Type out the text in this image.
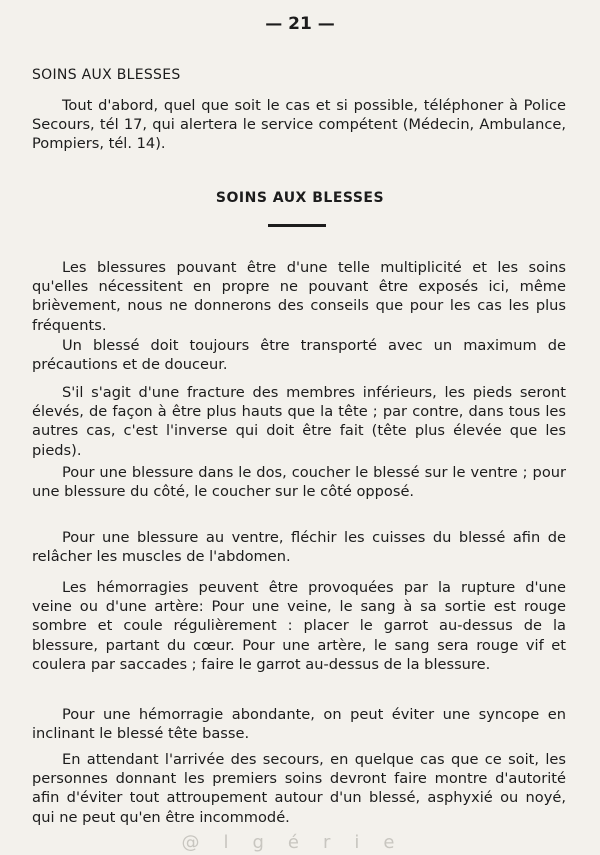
— 21 —
SOINS AUX BLESSES

Tout d'abord, quel que soit le cas et si possible, téléphoner à Police Secours, tél 17, qui alertera le service compétent (Médecin, Ambulance, Pompiers, tél. 14).

SOINS AUX BLESSES

Les blessures pouvant être d'une telle multiplicité et les soins qu'elles nécessitent en propre ne pouvant être exposés ici, même brièvement, nous ne donnerons des conseils que pour les cas les plus fréquents.

Un blessé doit toujours être transporté avec un maximum de précautions et de douceur.

S'il s'agit d'une fracture des membres inférieurs, les pieds seront élevés, de façon à être plus hauts que la tête ; par contre, dans tous les autres cas, c'est l'inverse qui doit être fait (tête plus élevée que les pieds).

Pour une blessure dans le dos, coucher le blessé sur le ventre ; pour une blessure du côté, le coucher sur le côté opposé.

Pour une blessure au ventre, fléchir les cuisses du blessé afin de relâcher les muscles de l'abdomen.

Les hémorragies peuvent être provoquées par la rupture d'une veine ou d'une artère: Pour une veine, le sang à sa sortie est rouge sombre et coule régulièrement : placer le garrot au-dessus de la blessure, partant du cœur. Pour une artère, le sang sera rouge vif et coulera par saccades ; faire le garrot au-dessus de la blessure.

Pour une hémorragie abondante, on peut éviter une syncope en inclinant le blessé tête basse.

En attendant l'arrivée des secours, en quelque cas que ce soit, les personnes donnant les premiers soins devront faire montre d'autorité afin d'éviter tout attroupement autour d'un blessé, asphyxié ou noyé, qui ne peut qu'en être incommodé.

@lgérie
